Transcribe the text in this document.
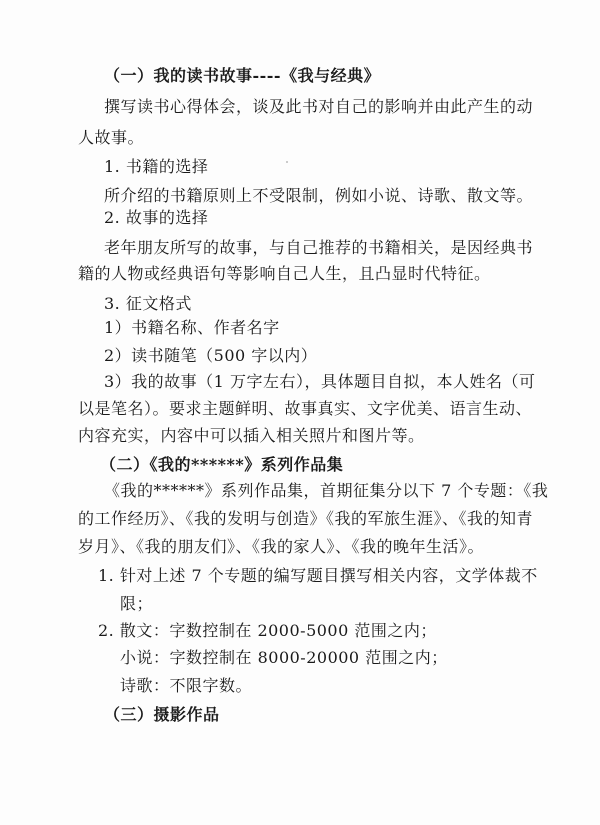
（一）我的读书故事----《我与经典》
撰写读书心得体会，谈及此书对自己的影响并由此产生的动
人故事。
1. 书籍的选择
所介绍的书籍原则上不受限制，例如小说、诗歌、散文等。
2. 故事的选择
老年朋友所写的故事，与自己推荐的书籍相关，是因经典书
籍的人物或经典语句等影响自己人生，且凸显时代特征。
3. 征文格式
1）书籍名称、作者名字
2）读书随笔（500 字以内）
3）我的故事（1 万字左右），具体题目自拟，本人姓名（可
以是笔名）。要求主题鲜明、故事真实、文字优美、语言生动、
内容充实，内容中可以插入相关照片和图片等。
（二）《我的******》系列作品集
《我的******》系列作品集，首期征集分以下 7 个专题：《我
的工作经历》、《我的发明与创造》《我的军旅生涯》、《我的知青
岁月》、《我的朋友们》、《我的家人》、《我的晚年生活》。
1. 针对上述 7 个专题的编写题目撰写相关内容，文学体裁不
限；
2. 散文：字数控制在 2000-5000 范围之内；
小说：字数控制在 8000-20000 范围之内；
诗歌：不限字数。
（三）摄影作品
